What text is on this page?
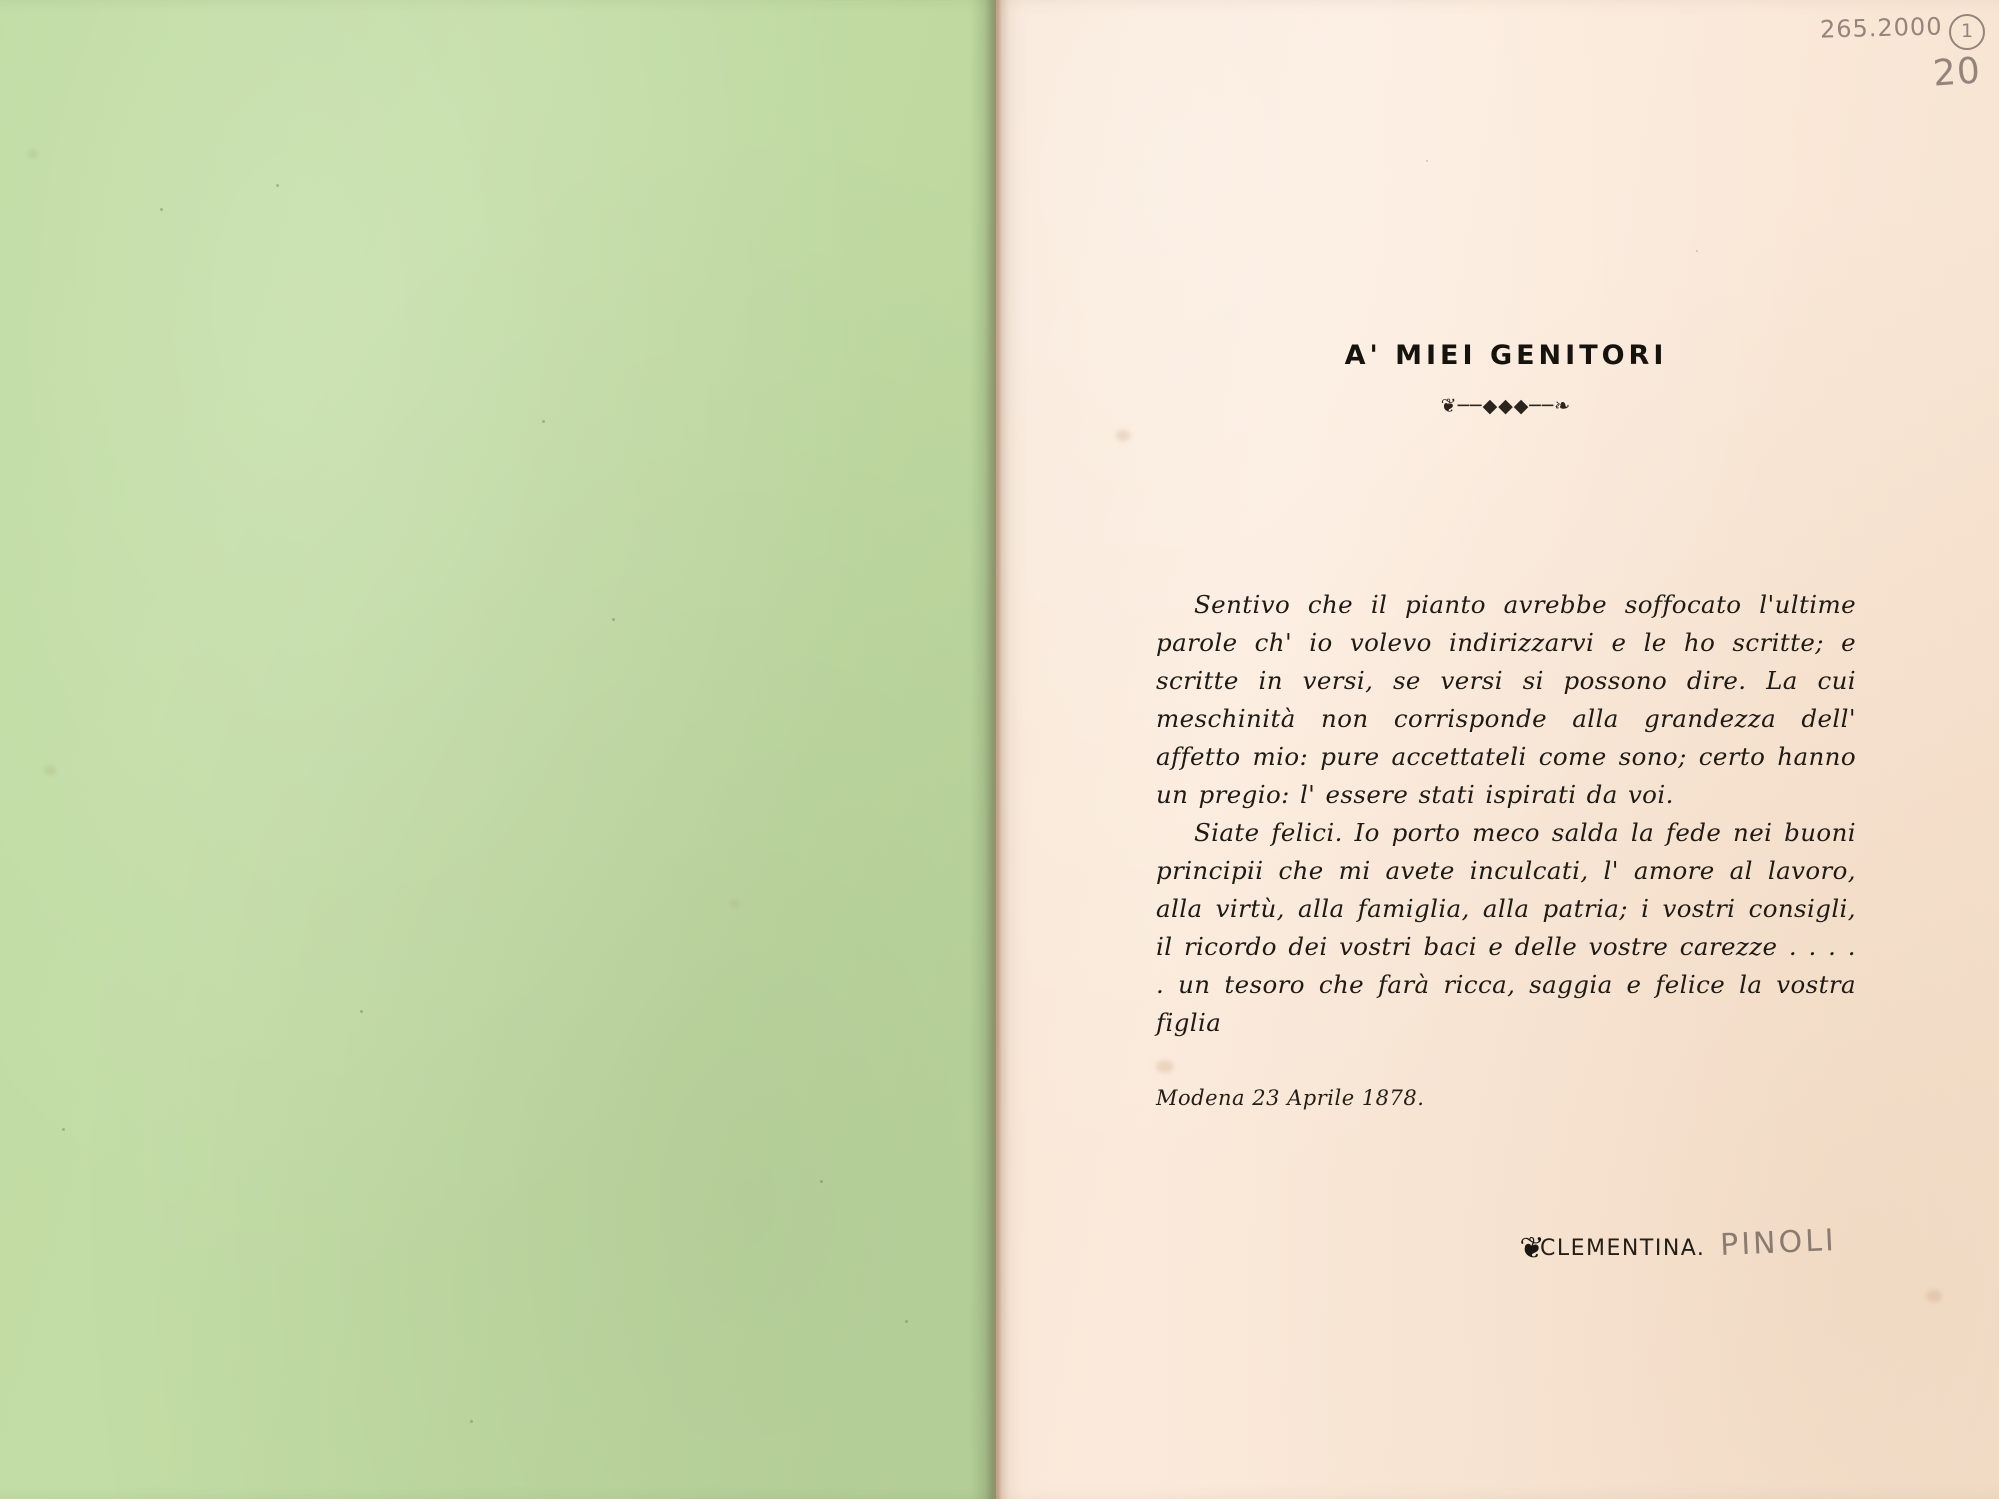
265.2000 1
20
A' MIEI GENITORI
❦──◆◆◆──❧

Sentivo che il pianto avrebbe soffocato l'ultime parole ch' io volevo indirizzarvi e le ho scritte; e scritte in versi, se versi si possono dire. La cui meschinità non corrisponde alla grandezza dell' affetto mio: pure accettateli come sono; certo hanno un pregio: l' essere stati ispirati da voi.

Siate felici. Io porto meco salda la fede nei buoni principii che mi avete inculcati, l' amore al lavoro, alla virtù, alla famiglia, alla patria; i vostri consigli, il ricordo dei vostri baci e delle vostre carezze . . . . . un tesoro che farà ricca, saggia e felice la vostra figlia

Modena 23 Aprile 1878.
❦CLEMENTINA. PINOLI
